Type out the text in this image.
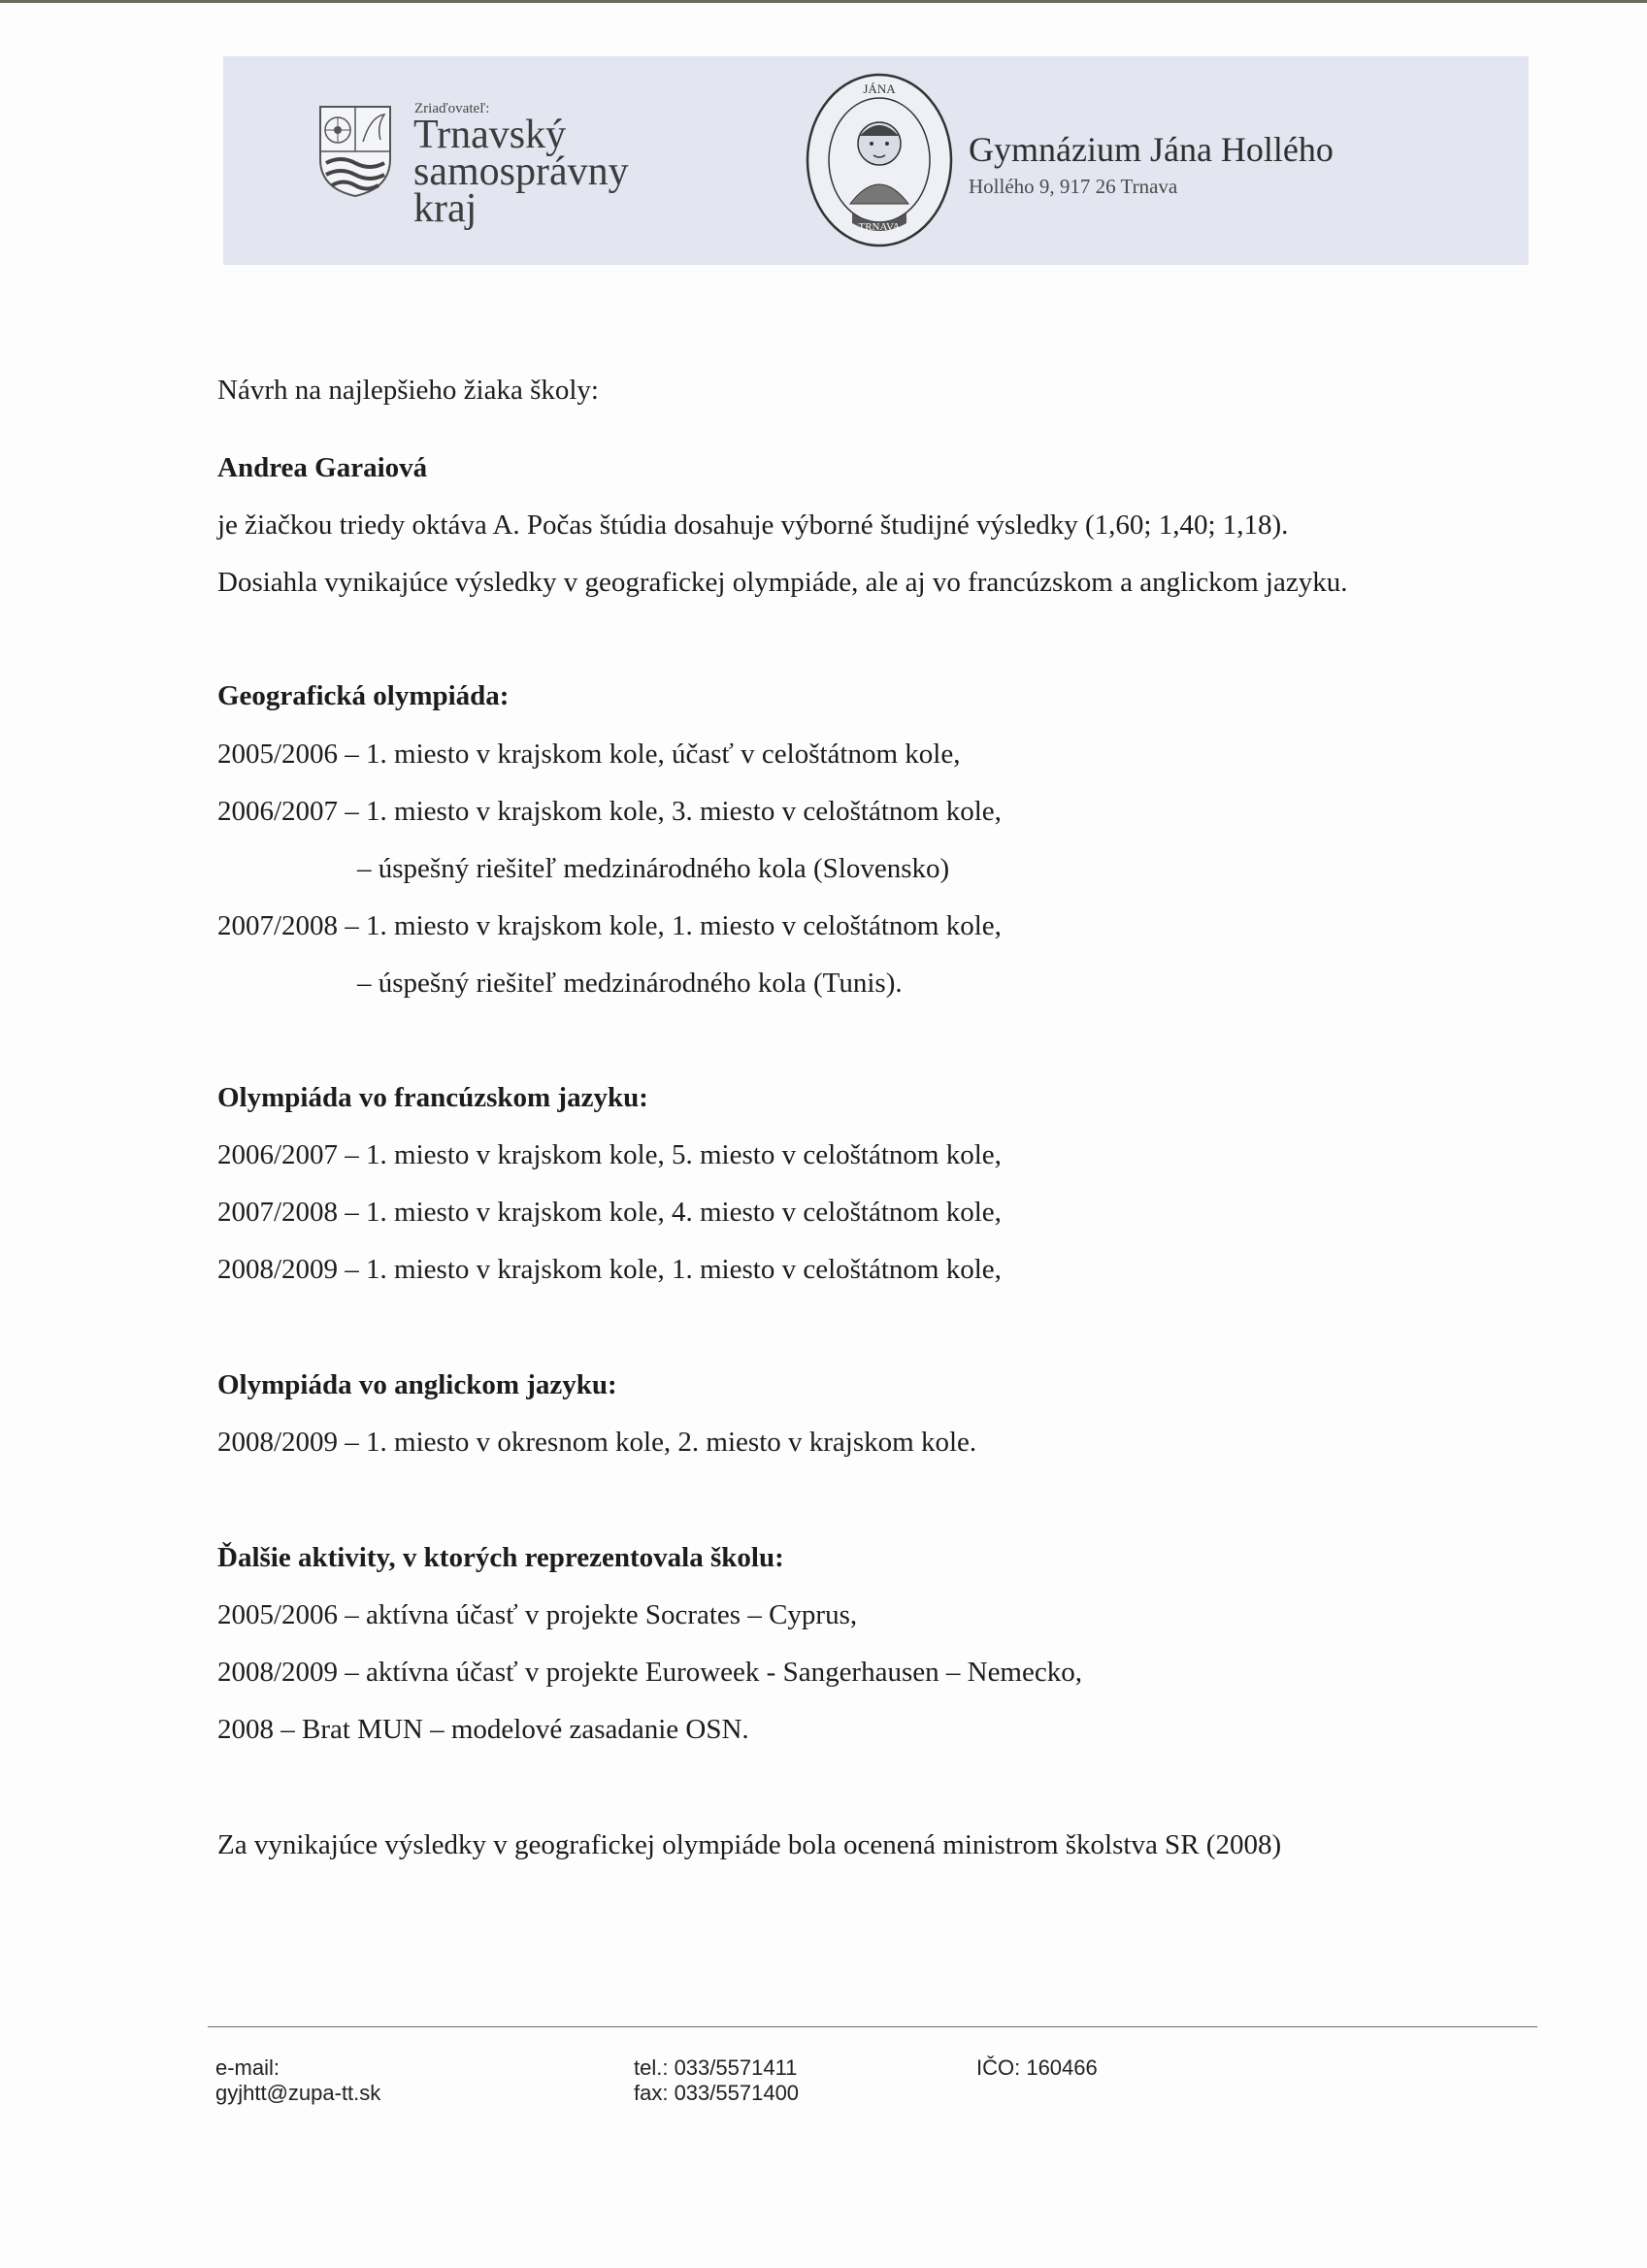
Zriaďovateľ:
Trnavský
samosprávny
kraj
JÁNA
TRNAVA
Gymnázium Jána Hollého
Hollého 9, 917 26 Trnava
Návrh na najlepšieho žiaka školy:
Andrea Garaiová
je žiačkou triedy oktáva A. Počas štúdia dosahuje výborné študijné výsledky (1,60; 1,40; 1,18).
Dosiahla vynikajúce výsledky v geografickej olympiáde, ale aj vo francúzskom a anglickom jazyku.
Geografická olympiáda:
2005/2006 – 1. miesto v krajskom kole, účasť v celoštátnom kole,
2006/2007 – 1. miesto v krajskom kole, 3. miesto v celoštátnom kole,
– úspešný riešiteľ medzinárodného kola (Slovensko)
2007/2008 – 1. miesto v krajskom kole, 1. miesto v celoštátnom kole,
– úspešný riešiteľ medzinárodného kola (Tunis).
Olympiáda vo francúzskom jazyku:
2006/2007 – 1. miesto v krajskom kole, 5. miesto v celoštátnom kole,
2007/2008 – 1. miesto v krajskom kole, 4. miesto v celoštátnom kole,
2008/2009 – 1. miesto v krajskom kole, 1. miesto v celoštátnom kole,
Olympiáda vo anglickom jazyku:
2008/2009 – 1. miesto v okresnom kole, 2. miesto v krajskom kole.
Ďalšie aktivity, v ktorých reprezentovala školu:
2005/2006 – aktívna účasť v projekte Socrates – Cyprus,
2008/2009 – aktívna účasť v projekte Euroweek - Sangerhausen – Nemecko,
2008 – Brat MUN – modelové zasadanie OSN.
Za vynikajúce výsledky v geografickej olympiáde bola ocenená ministrom školstva SR (2008)
e-mail:
gyjhtt@zupa-tt.sk
tel.: 033/5571411
fax: 033/5571400
IČO: 160466
